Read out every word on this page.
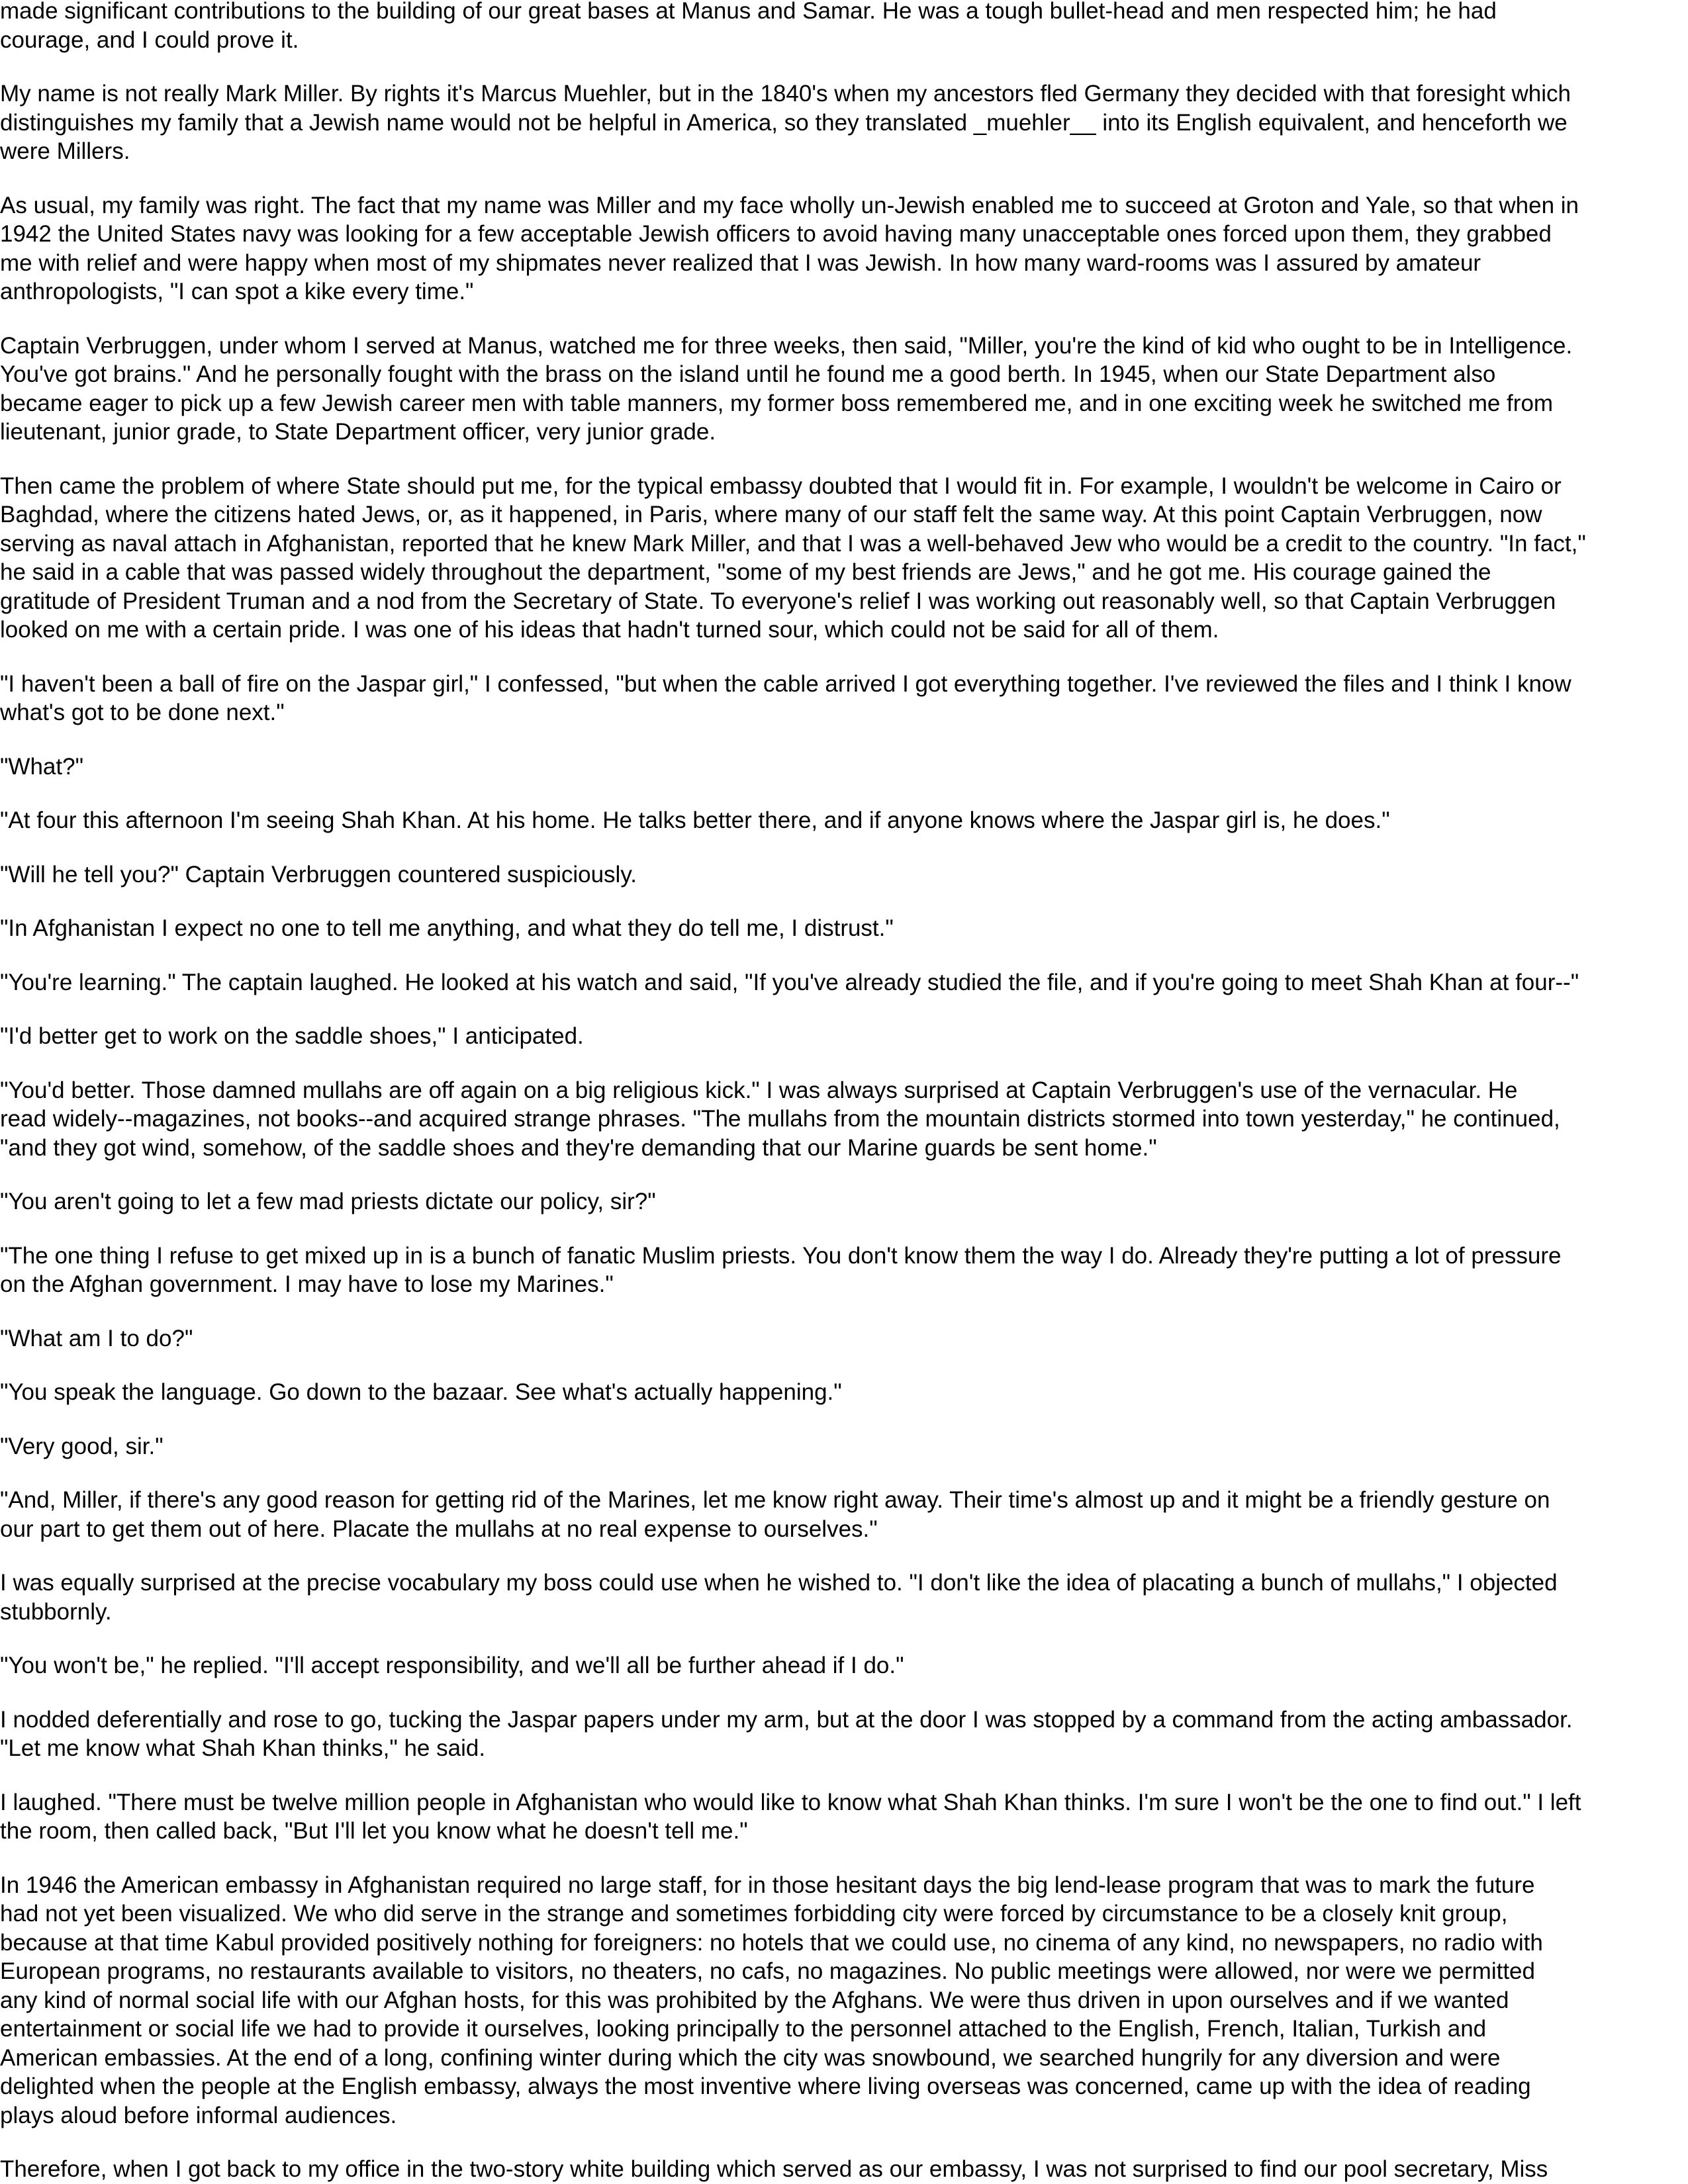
made significant contributions to the building of our great bases at Manus and Samar. He was a tough bullet-head and men respected him; he had
courage, and I could prove it.

My name is not really Mark Miller. By rights it's Marcus Muehler, but in the 1840's when my ancestors fled Germany they decided with that foresight which
distinguishes my family that a Jewish name would not be helpful in America, so they translated _muehler__ into its English equivalent, and henceforth we
were Millers.

As usual, my family was right. The fact that my name was Miller and my face wholly un-Jewish enabled me to succeed at Groton and Yale, so that when in
1942 the United States navy was looking for a few acceptable Jewish officers to avoid having many unacceptable ones forced upon them, they grabbed
me with relief and were happy when most of my shipmates never realized that I was Jewish. In how many ward-rooms was I assured by amateur
anthropologists, "I can spot a kike every time."

Captain Verbruggen, under whom I served at Manus, watched me for three weeks, then said, "Miller, you're the kind of kid who ought to be in Intelligence.
You've got brains." And he personally fought with the brass on the island until he found me a good berth. In 1945, when our State Department also
became eager to pick up a few Jewish career men with table manners, my former boss remembered me, and in one exciting week he switched me from
lieutenant, junior grade, to State Department officer, very junior grade.

Then came the problem of where State should put me, for the typical embassy doubted that I would fit in. For example, I wouldn't be welcome in Cairo or
Baghdad, where the citizens hated Jews, or, as it happened, in Paris, where many of our staff felt the same way. At this point Captain Verbruggen, now
serving as naval attach in Afghanistan, reported that he knew Mark Miller, and that I was a well-behaved Jew who would be a credit to the country. "In fact,"
he said in a cable that was passed widely throughout the department, "some of my best friends are Jews," and he got me. His courage gained the
gratitude of President Truman and a nod from the Secretary of State. To everyone's relief I was working out reasonably well, so that Captain Verbruggen
looked on me with a certain pride. I was one of his ideas that hadn't turned sour, which could not be said for all of them.

"I haven't been a ball of fire on the Jaspar girl," I confessed, "but when the cable arrived I got everything together. I've reviewed the files and I think I know
what's got to be done next."

"What?"

"At four this afternoon I'm seeing Shah Khan. At his home. He talks better there, and if anyone knows where the Jaspar girl is, he does."

"Will he tell you?" Captain Verbruggen countered suspiciously.

"In Afghanistan I expect no one to tell me anything, and what they do tell me, I distrust."

"You're learning." The captain laughed. He looked at his watch and said, "If you've already studied the file, and if you're going to meet Shah Khan at four--"

"I'd better get to work on the saddle shoes," I anticipated.

"You'd better. Those damned mullahs are off again on a big religious kick." I was always surprised at Captain Verbruggen's use of the vernacular. He
read widely--magazines, not books--and acquired strange phrases. "The mullahs from the mountain districts stormed into town yesterday," he continued,
"and they got wind, somehow, of the saddle shoes and they're demanding that our Marine guards be sent home."

"You aren't going to let a few mad priests dictate our policy, sir?"

"The one thing I refuse to get mixed up in is a bunch of fanatic Muslim priests. You don't know them the way I do. Already they're putting a lot of pressure
on the Afghan government. I may have to lose my Marines."

"What am I to do?"

"You speak the language. Go down to the bazaar. See what's actually happening."

"Very good, sir."

"And, Miller, if there's any good reason for getting rid of the Marines, let me know right away. Their time's almost up and it might be a friendly gesture on
our part to get them out of here. Placate the mullahs at no real expense to ourselves."

I was equally surprised at the precise vocabulary my boss could use when he wished to. "I don't like the idea of placating a bunch of mullahs," I objected
stubbornly.

"You won't be," he replied. "I'll accept responsibility, and we'll all be further ahead if I do."

I nodded deferentially and rose to go, tucking the Jaspar papers under my arm, but at the door I was stopped by a command from the acting ambassador.
"Let me know what Shah Khan thinks," he said.

I laughed. "There must be twelve million people in Afghanistan who would like to know what Shah Khan thinks. I'm sure I won't be the one to find out." I left
the room, then called back, "But I'll let you know what he doesn't tell me."

In 1946 the American embassy in Afghanistan required no large staff, for in those hesitant days the big lend-lease program that was to mark the future
had not yet been visualized. We who did serve in the strange and sometimes forbidding city were forced by circumstance to be a closely knit group,
because at that time Kabul provided positively nothing for foreigners: no hotels that we could use, no cinema of any kind, no newspapers, no radio with
European programs, no restaurants available to visitors, no theaters, no cafs, no magazines. No public meetings were allowed, nor were we permitted
any kind of normal social life with our Afghan hosts, for this was prohibited by the Afghans. We were thus driven in upon ourselves and if we wanted
entertainment or social life we had to provide it ourselves, looking principally to the personnel attached to the English, French, Italian, Turkish and
American embassies. At the end of a long, confining winter during which the city was snowbound, we searched hungrily for any diversion and were
delighted when the people at the English embassy, always the most inventive where living overseas was concerned, came up with the idea of reading
plays aloud before informal audiences.

Therefore, when I got back to my office in the two-story white building which served as our embassy, I was not surprised to find our pool secretary, Miss
